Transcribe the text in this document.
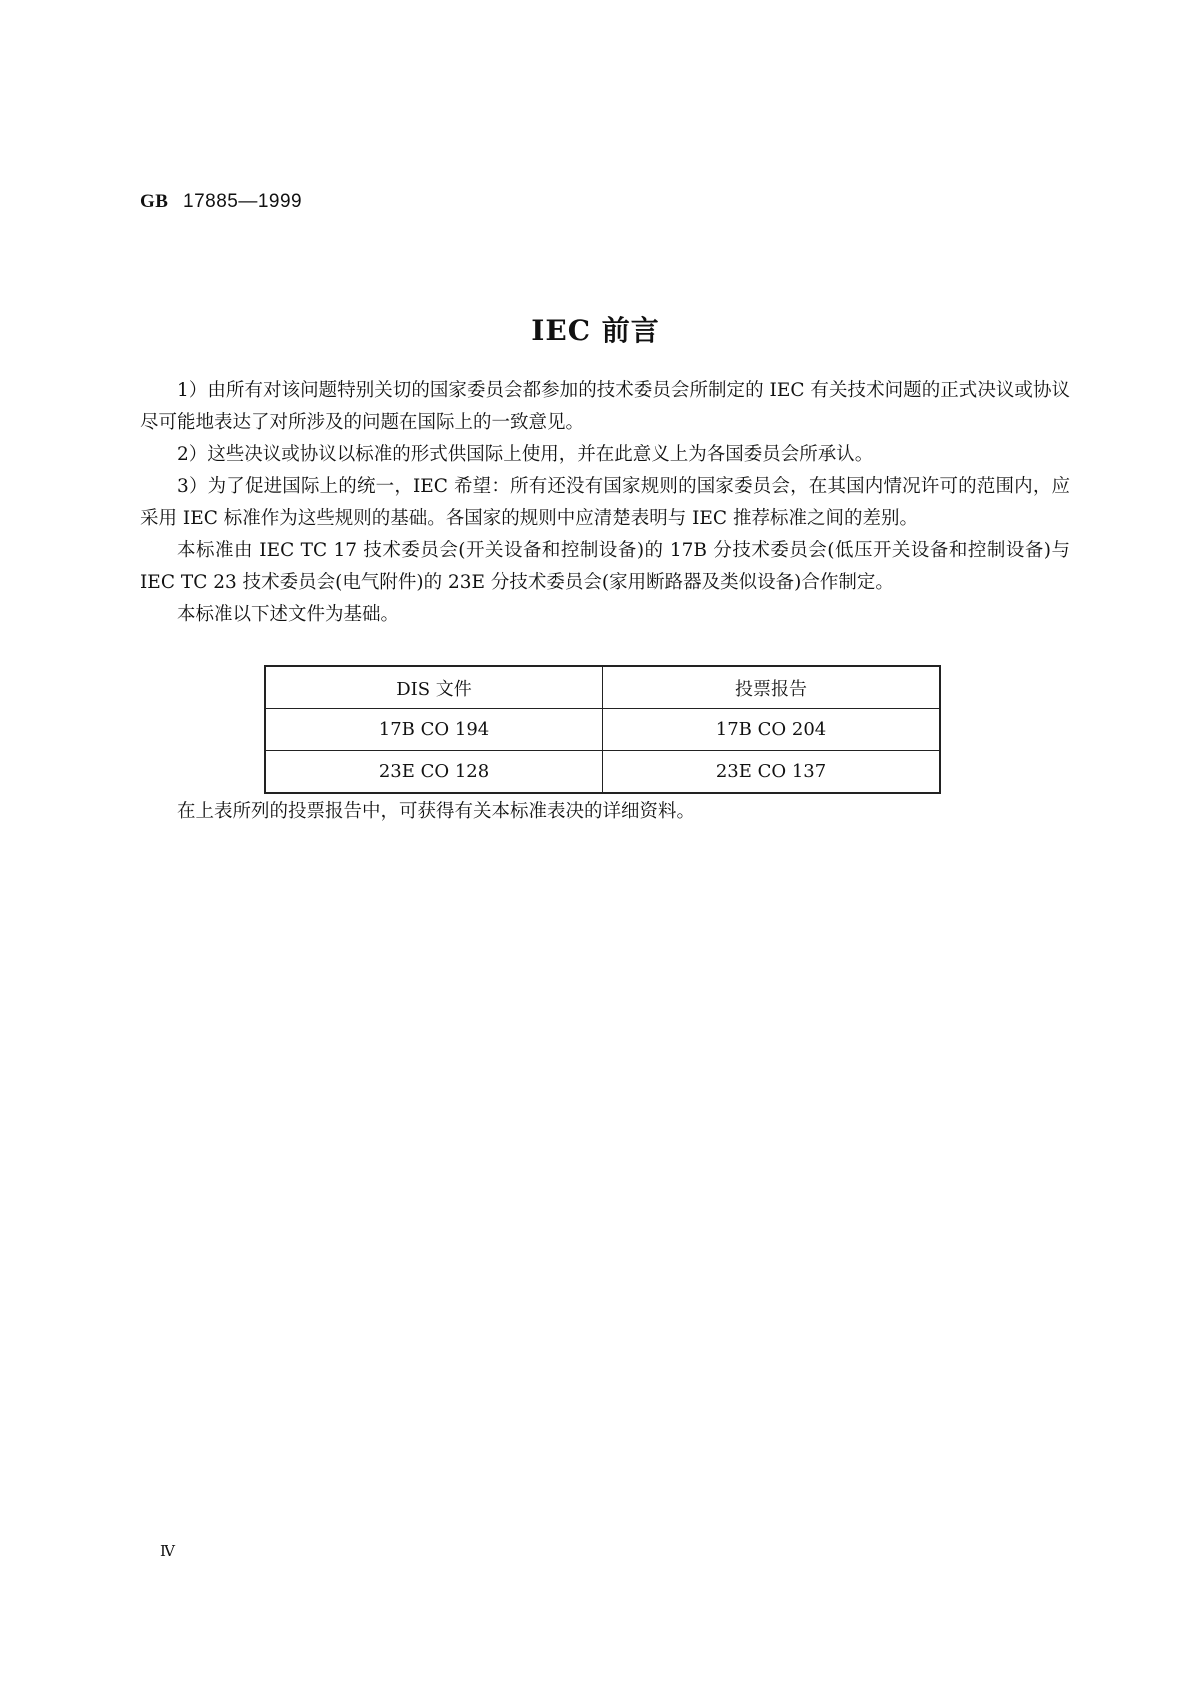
GB 17885—1999
IEC 前言

1）由所有对该问题特别关切的国家委员会都参加的技术委员会所制定的 IEC 有关技术问题的正式决议或协议尽可能地表达了对所涉及的问题在国际上的一致意见。

2）这些决议或协议以标准的形式供国际上使用，并在此意义上为各国委员会所承认。

3）为了促进国际上的统一，IEC 希望：所有还没有国家规则的国家委员会，在其国内情况许可的范围内，应采用 IEC 标准作为这些规则的基础。各国家的规则中应清楚表明与 IEC 推荐标准之间的差别。

本标准由 IEC TC 17 技术委员会(开关设备和控制设备)的 17B 分技术委员会(低压开关设备和控制设备)与 IEC TC 23 技术委员会(电气附件)的 23E 分技术委员会(家用断路器及类似设备)合作制定。

本标准以下述文件为基础。

DIS 文件	投票报告
17B CO 194	17B CO 204
23E CO 128	23E CO 137
在上表所列的投票报告中，可获得有关本标准表决的详细资料。
Ⅳ
